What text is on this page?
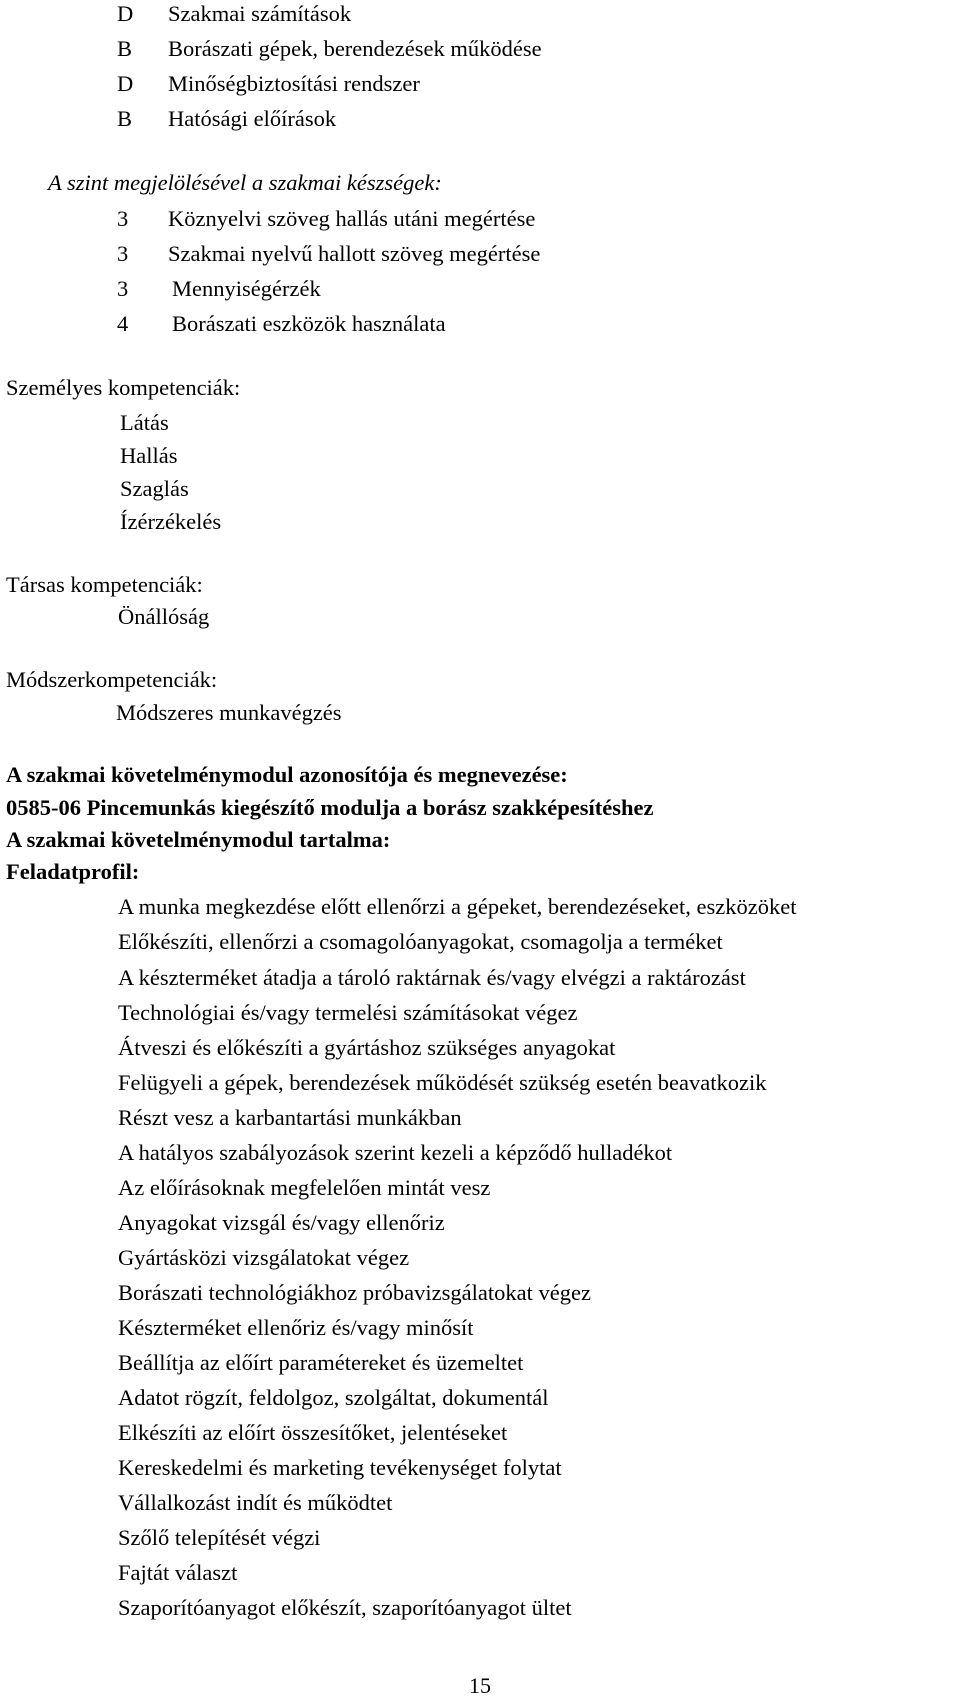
D Szakmai számítások
B Borászati gépek, berendezések működése
D Minőségbiztosítási rendszer
B Hatósági előírások
A szint megjelölésével a szakmai készségek:
3 Köznyelvi szöveg hallás utáni megértése
3 Szakmai nyelvű hallott szöveg megértése
3 Mennyiségérzék
4 Borászati eszközök használata
Személyes kompetenciák:
Látás
Hallás
Szaglás
Ízérzékelés
Társas kompetenciák:
Önállóság
Módszerkompetenciák:
Módszeres munkavégzés
A szakmai követelménymodul azonosítója és megnevezése:
0585-06 Pincemunkás kiegészítő modulja a borász szakképesítéshez
A szakmai követelménymodul tartalma:
Feladatprofil:
A munka megkezdése előtt ellenőrzi a gépeket, berendezéseket, eszközöket
Előkészíti, ellenőrzi a csomagolóanyagokat, csomagolja a terméket
A készterméket átadja a tároló raktárnak és/vagy elvégzi a raktározást
Technológiai és/vagy termelési számításokat végez
Átveszi és előkészíti a gyártáshoz szükséges anyagokat
Felügyeli a gépek, berendezések működését szükség esetén beavatkozik
Részt vesz a karbantartási munkákban
A hatályos szabályozások szerint kezeli a képződő hulladékot
Az előírásoknak megfelelően mintát vesz
Anyagokat vizsgál és/vagy ellenőriz
Gyártásközi vizsgálatokat végez
Borászati technológiákhoz próbavizsgálatokat végez
Készterméket ellenőriz és/vagy minősít
Beállítja az előírt paramétereket és üzemeltet
Adatot rögzít, feldolgoz, szolgáltat, dokumentál
Elkészíti az előírt összesítőket, jelentéseket
Kereskedelmi és marketing tevékenységet folytat
Vállalkozást indít és működtet
Szőlő telepítését végzi
Fajtát választ
Szaporítóanyagot előkészít, szaporítóanyagot ültet
15
